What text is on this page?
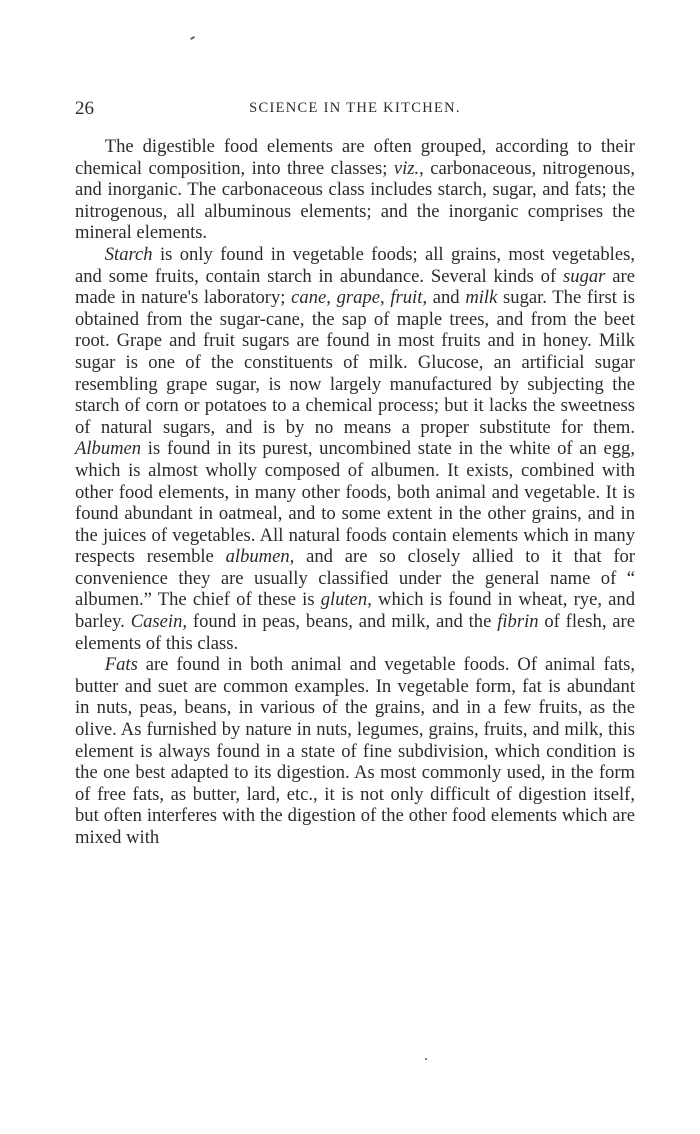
26	SCIENCE IN THE KITCHEN.

The digestible food elements are often grouped, according to their chemical composition, into three classes; viz., carbonaceous, nitrogenous, and inorganic. The carbonaceous class includes starch, sugar, and fats; the nitrogenous, all albuminous elements; and the inorganic comprises the mineral elements.

Starch is only found in vegetable foods; all grains, most vegetables, and some fruits, contain starch in abundance. Several kinds of sugar are made in nature's laboratory; cane, grape, fruit, and milk sugar. The first is obtained from the sugar-cane, the sap of maple trees, and from the beet root. Grape and fruit sugars are found in most fruits and in honey. Milk sugar is one of the constituents of milk. Glucose, an artificial sugar resembling grape sugar, is now largely manufactured by subjecting the starch of corn or potatoes to a chemical process; but it lacks the sweetness of natural sugars, and is by no means a proper substitute for them. Albumen is found in its purest, uncombined state in the white of an egg, which is almost wholly composed of albumen. It exists, combined with other food elements, in many other foods, both animal and vegetable. It is found abundant in oatmeal, and to some extent in the other grains, and in the juices of vegetables. All natural foods contain elements which in many respects resemble albumen, and are so closely allied to it that for convenience they are usually classified under the general name of “ albumen.” The chief of these is gluten, which is found in wheat, rye, and barley. Casein, found in peas, beans, and milk, and the fibrin of flesh, are elements of this class.

Fats are found in both animal and vegetable foods. Of animal fats, butter and suet are common examples. In vegetable form, fat is abundant in nuts, peas, beans, in various of the grains, and in a few fruits, as the olive. As furnished by nature in nuts, legumes, grains, fruits, and milk, this element is always found in a state of fine subdivision, which condition is the one best adapted to its digestion. As most commonly used, in the form of free fats, as butter, lard, etc., it is not only difficult of digestion itself, but often interferes with the digestion of the other food elements which are mixed with
